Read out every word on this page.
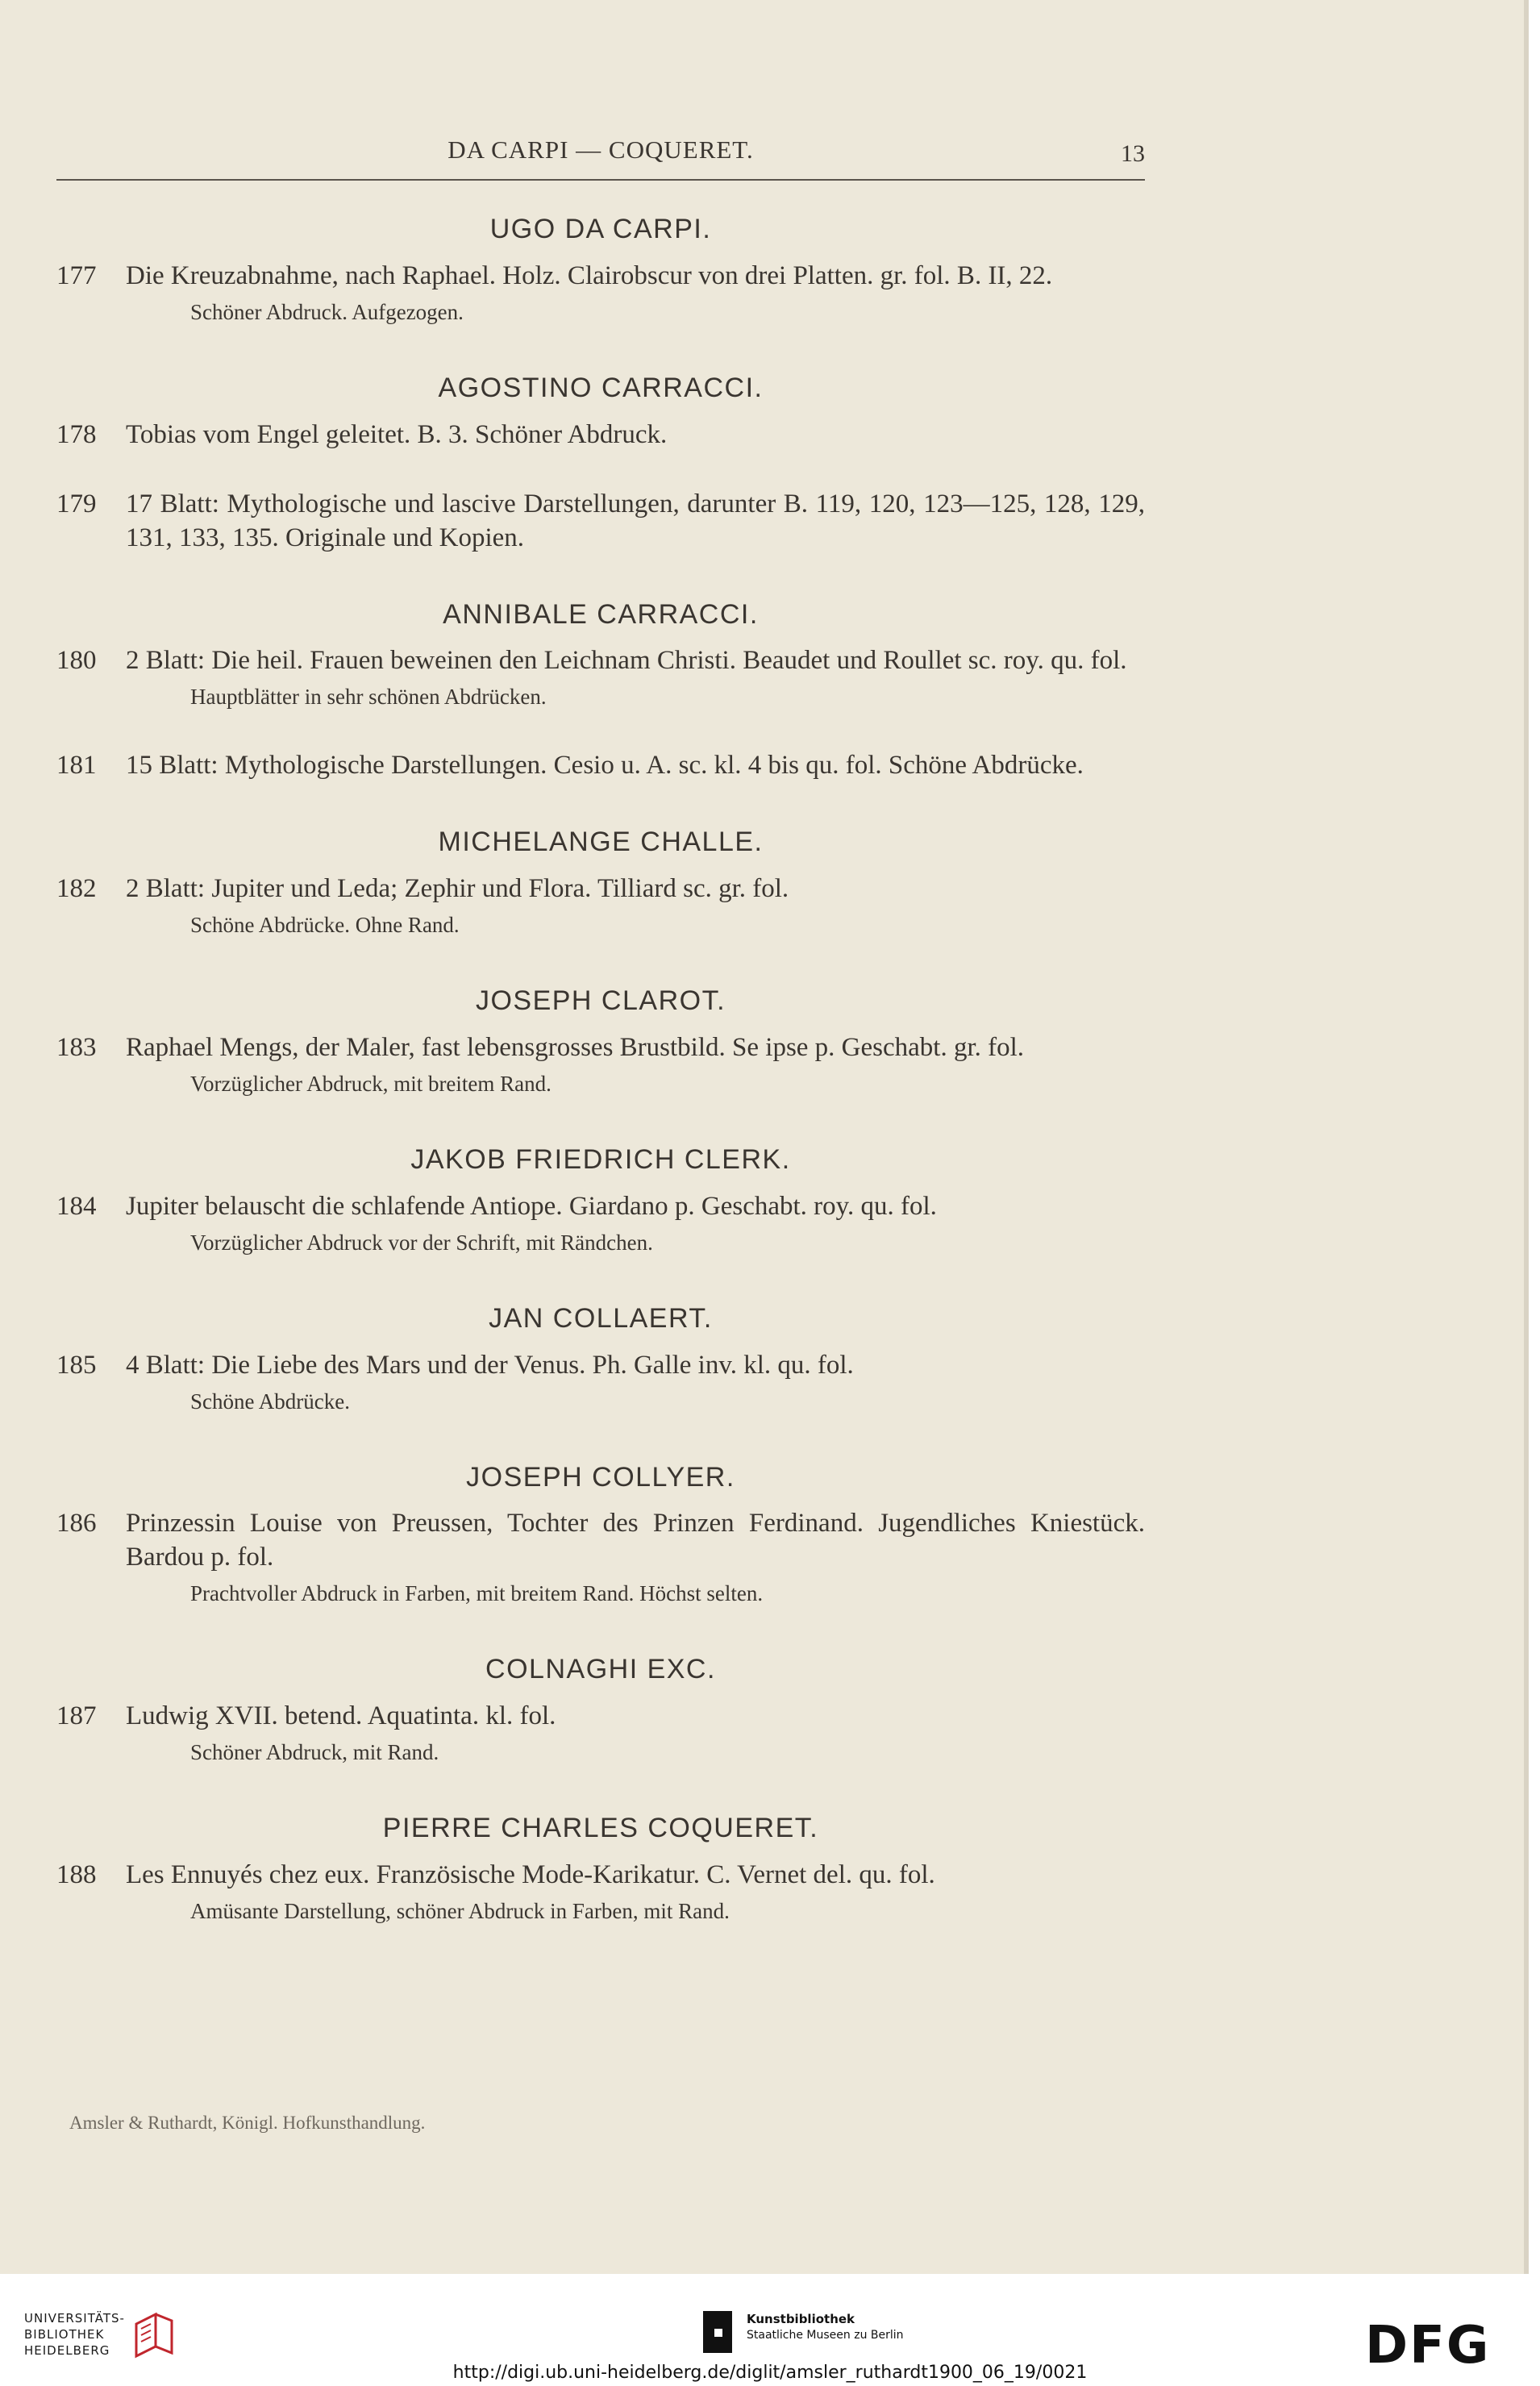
DA CARPI — COQUERET.	13
UGO DA CARPI.
177 Die Kreuzabnahme, nach Raphael. Holz. Clairobscur von drei Platten. gr. fol. B. II, 22.
Schöner Abdruck. Aufgezogen.
AGOSTINO CARRACCI.
178 Tobias vom Engel geleitet. B. 3. Schöner Abdruck.
179 17 Blatt: Mythologische und lascive Darstellungen, darunter B. 119, 120, 123—125, 128, 129, 131, 133, 135. Originale und Kopien.
ANNIBALE CARRACCI.
180 2 Blatt: Die heil. Frauen beweinen den Leichnam Christi. Beaudet und Roullet sc. roy. qu. fol.
Hauptblätter in sehr schönen Abdrücken.
181 15 Blatt: Mythologische Darstellungen. Cesio u. A. sc. kl. 4 bis qu. fol. Schöne Abdrücke.
MICHELANGE CHALLE.
182 2 Blatt: Jupiter und Leda; Zephir und Flora. Tilliard sc. gr. fol.
Schöne Abdrücke. Ohne Rand.
JOSEPH CLAROT.
183 Raphael Mengs, der Maler, fast lebensgrosses Brustbild. Se ipse p. Geschabt. gr. fol.
Vorzüglicher Abdruck, mit breitem Rand.
JAKOB FRIEDRICH CLERK.
184 Jupiter belauscht die schlafende Antiope. Giardano p. Geschabt. roy. qu. fol.
Vorzüglicher Abdruck vor der Schrift, mit Rändchen.
JAN COLLAERT.
185 4 Blatt: Die Liebe des Mars und der Venus. Ph. Galle inv. kl. qu. fol.
Schöne Abdrücke.
JOSEPH COLLYER.
186 Prinzessin Louise von Preussen, Tochter des Prinzen Ferdinand. Jugendliches Kniestück. Bardou p. fol.
Prachtvoller Abdruck in Farben, mit breitem Rand. Höchst selten.
COLNAGHI EXC.
187 Ludwig XVII. betend. Aquatinta. kl. fol.
Schöner Abdruck, mit Rand.
PIERRE CHARLES COQUERET.
188 Les Ennuyés chez eux. Französische Mode-Karikatur. C. Vernet del. qu. fol.
Amüsante Darstellung, schöner Abdruck in Farben, mit Rand.
Amsler & Ruthardt, Königl. Hofkunsthandlung.
UNIVERSITÄTS-
BIBLIOTHEK
HEIDELBERG
Kunstbibliothek
Staatliche Museen zu Berlin	DFG
http://digi.ub.uni-heidelberg.de/diglit/amsler_ruthardt1900_06_19/0021
